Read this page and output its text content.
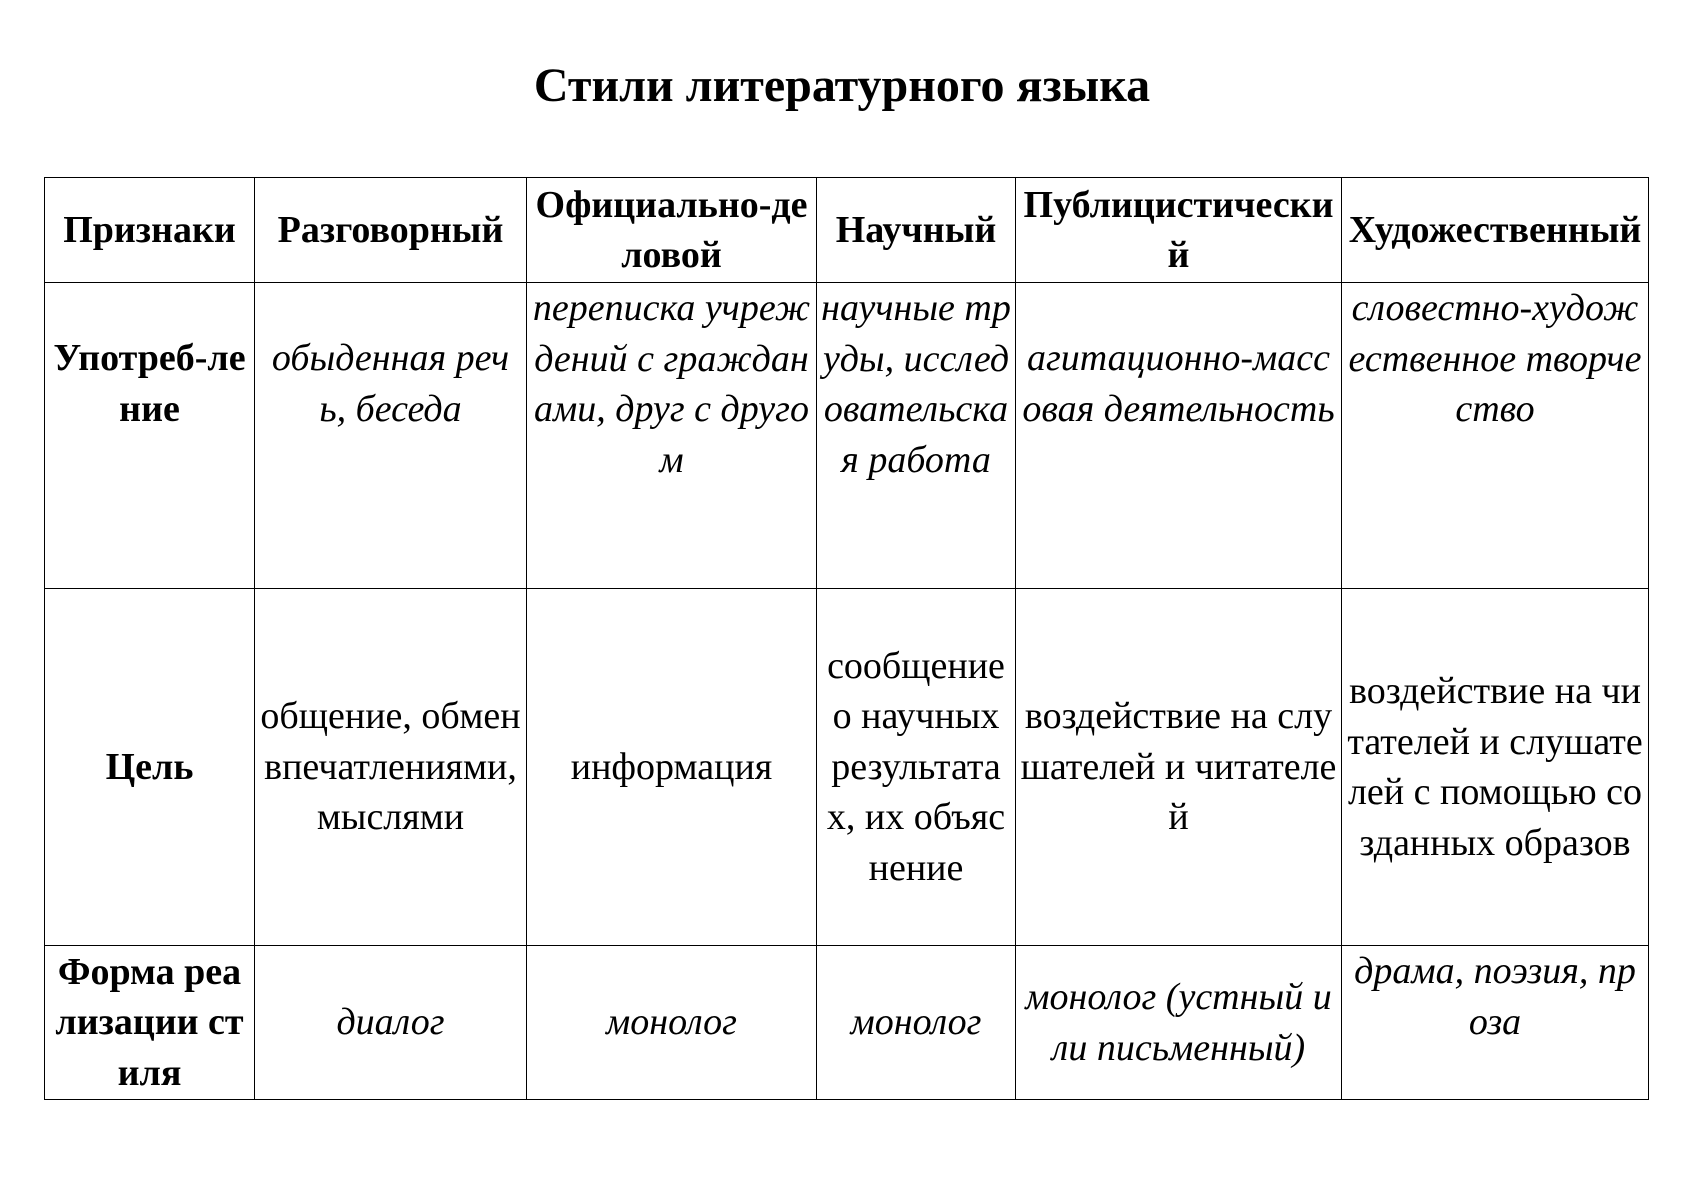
Стили литературного языка
Признаки	Разговорный	Официально-деловой	Научный	Публицистический	Художественный
Употреб-ление	обыденная речь, беседа	переписка учреждений с гражданами, друг с другом	научные труды, исследовательская работа	агитационно-массовая деятельность	словестно-художественное творчество
Цель	общение, обмен впечатлениями, мыслями	информация	сообщение о научных результатах, их объяснение	воздействие на слушателей и читателей	воздействие на читателей и слушателей с помощью созданных образов
Форма реализации стиля	диалог	монолог	монолог	монолог (устный или письменный)	драма, поэзия, проза
